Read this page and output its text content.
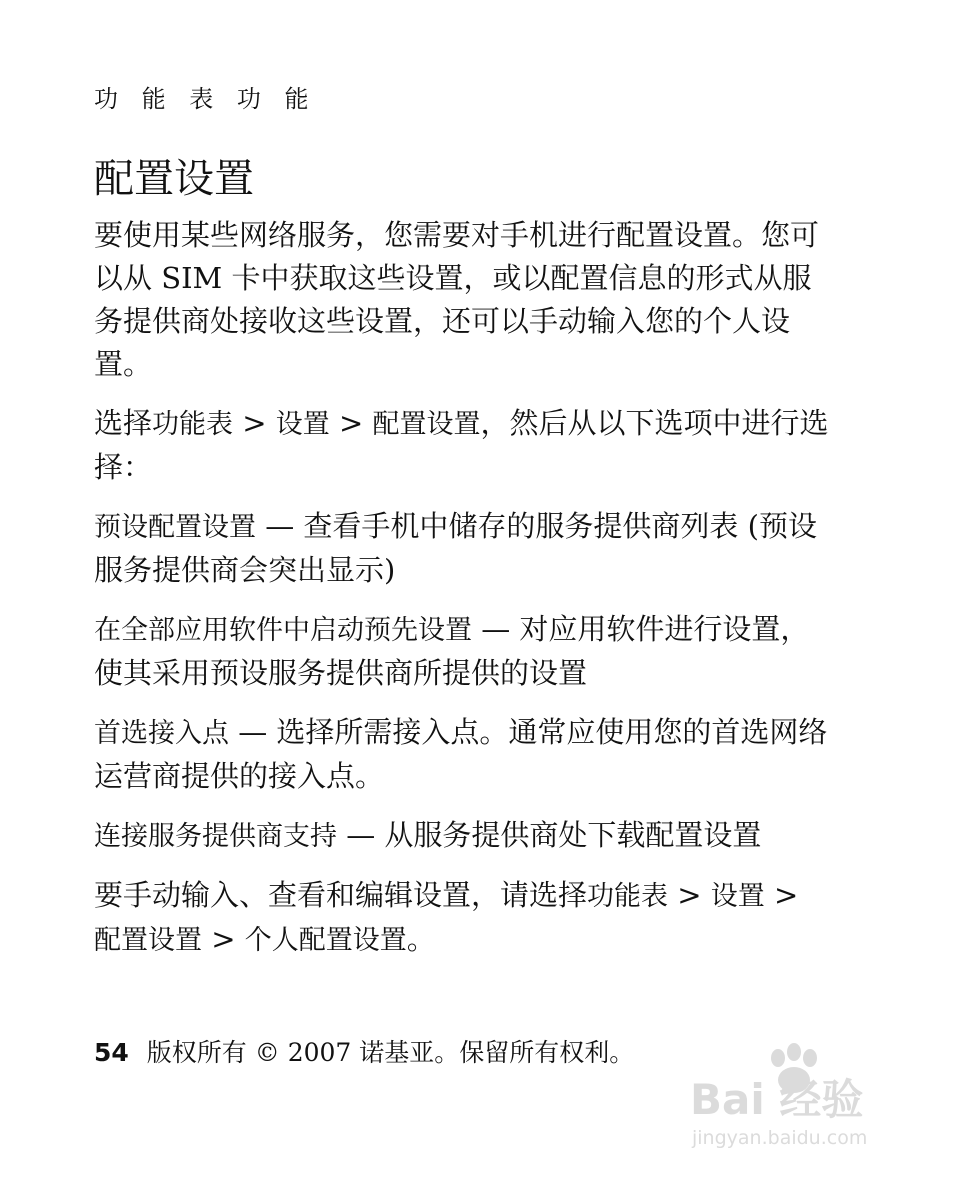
功 能 表 功 能
配置设置

要使用某些网络服务，您需要对手机进行配置设置。您可以从 SIM 卡中获取这些设置，或以配置信息的形式从服务提供商处接收这些设置，还可以手动输入您的个人设置。

选择功能表 > 设置 > 配置设置，然后从以下选项中进行选择：

预设配置设置 — 查看手机中储存的服务提供商列表 (预设服务提供商会突出显示)

在全部应用软件中启动预先设置 — 对应用软件进行设置，使其采用预设服务提供商所提供的设置

首选接入点 — 选择所需接入点。通常应使用您的首选网络运营商提供的接入点。

连接服务提供商支持 — 从服务提供商处下载配置设置

要手动输入、查看和编辑设置，请选择功能表 > 设置 > 配置设置 > 个人配置设置。

54 版权所有 © 2007 诺基亚。保留所有权利。
Bai 经验
jingyan.baidu.com
